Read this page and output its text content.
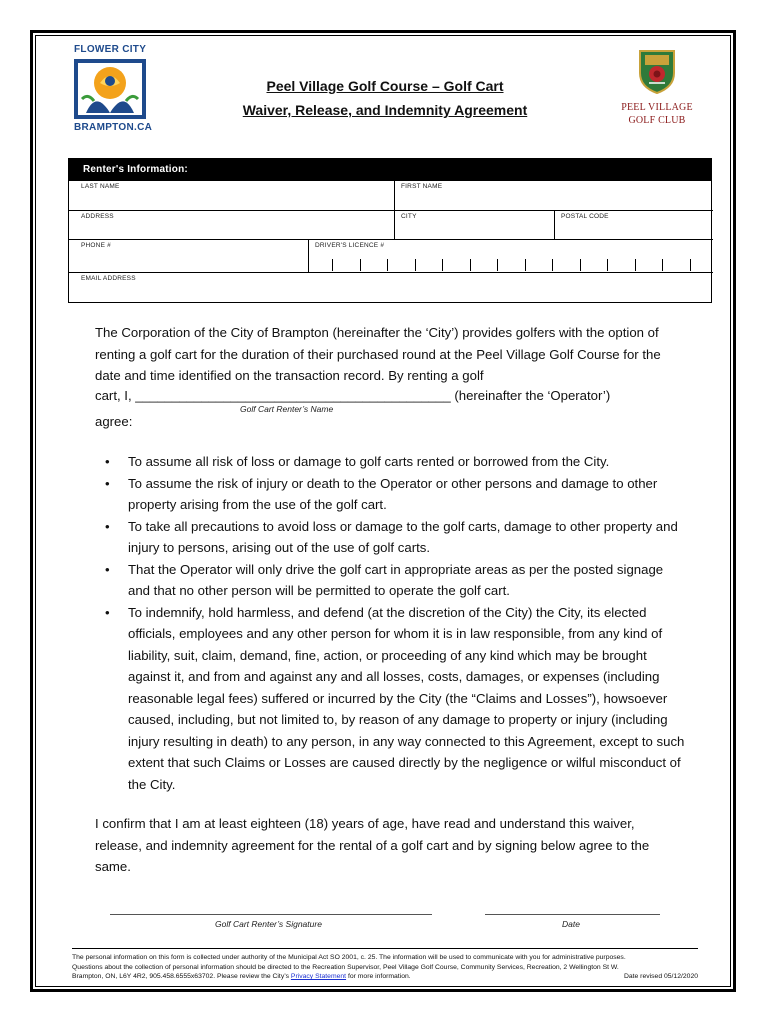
FLOWER CITY
BRAMPTON.CA
Peel Village Golf Course – Golf Cart
Waiver, Release, and Indemnity Agreement	PEEL VILLAGE
GOLF CLUB
Renter's Information:
LAST NAME	FIRST NAME
ADDRESS	CITY	POSTAL CODE
PHONE #	DRIVER'S LICENCE #
EMAIL ADDRESS
The Corporation of the City of Brampton (hereinafter the ‘City’) provides golfers with the option of renting a golf cart for the duration of their purchased round at the Peel Village Golf Course for the date and time identified on the transaction record. By renting a golf
cart, I, ___________________________________________ (hereinafter the ‘Operator’)
Golf Cart Renter’s Name
agree:
• To assume all risk of loss or damage to golf carts rented or borrowed from the City.
• To assume the risk of injury or death to the Operator or other persons and damage to other property arising from the use of the golf cart.
• To take all precautions to avoid loss or damage to the golf carts, damage to other property and injury to persons, arising out of the use of golf carts.
• That the Operator will only drive the golf cart in appropriate areas as per the posted signage and that no other person will be permitted to operate the golf cart.
• To indemnify, hold harmless, and defend (at the discretion of the City) the City, its elected officials, employees and any other person for whom it is in law responsible, from any kind of liability, suit, claim, demand, fine, action, or proceeding of any kind which may be brought against it, and from and against any and all losses, costs, damages, or expenses (including reasonable legal fees) suffered or incurred by the City (the “Claims and Losses”), howsoever caused, including, but not limited to, by reason of any damage to property or injury (including injury resulting in death) to any person, in any way connected to this Agreement, except to such extent that such Claims or Losses are caused directly by the negligence or wilful misconduct of the City.
I confirm that I am at least eighteen (18) years of age, have read and understand this waiver, release, and indemnity agreement for the rental of a golf cart and by signing below agree to the same.
Golf Cart Renter’s Signature	Date
The personal information on this form is collected under authority of the Municipal Act SO 2001, c. 25. The information will be used to communicate with you for administrative purposes.
Questions about the collection of personal information should be directed to the Recreation Supervisor, Peel Village Golf Course, Community Services, Recreation, 2 Wellington St W.
Brampton, ON, L6Y 4R2, 905.458.6555x63702. Please review the City’s Privacy Statement for more information.	Date revised 05/12/2020
